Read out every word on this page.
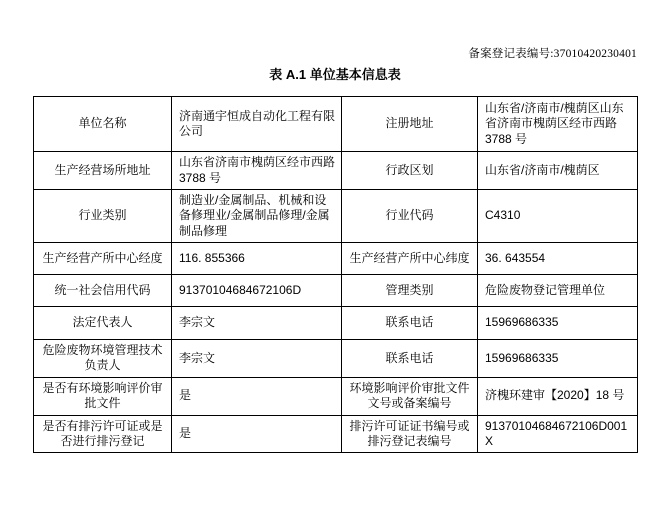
备案登记表编号:37010420230401
表 A.1 单位基本信息表
单位名称	济南通宇恒成自动化工程有限公司	注册地址	山东省/济南市/槐荫区山东省济南市槐荫区经市西路 3788 号
生产经营场所地址	山东省济南市槐荫区经市西路 3788 号	行政区划	山东省/济南市/槐荫区
行业类别	制造业/金属制品、机械和设备修理业/金属制品修理/金属制品修理	行业代码	C4310
生产经营产所中心经度	116. 855366	生产经营产所中心纬度	36. 643554
统一社会信用代码	91370104684672106D	管理类别	危险废物登记管理单位
法定代表人	李宗文	联系电话	15969686335
危险废物环境管理技术负责人	李宗文	联系电话	15969686335
是否有环境影响评价审批文件	是	环境影响评价审批文件文号或备案编号	济槐环建审【2020】18 号
是否有排污许可证或是否进行排污登记	是	排污许可证证书编号或排污登记表编号	91370104684672106D001X
